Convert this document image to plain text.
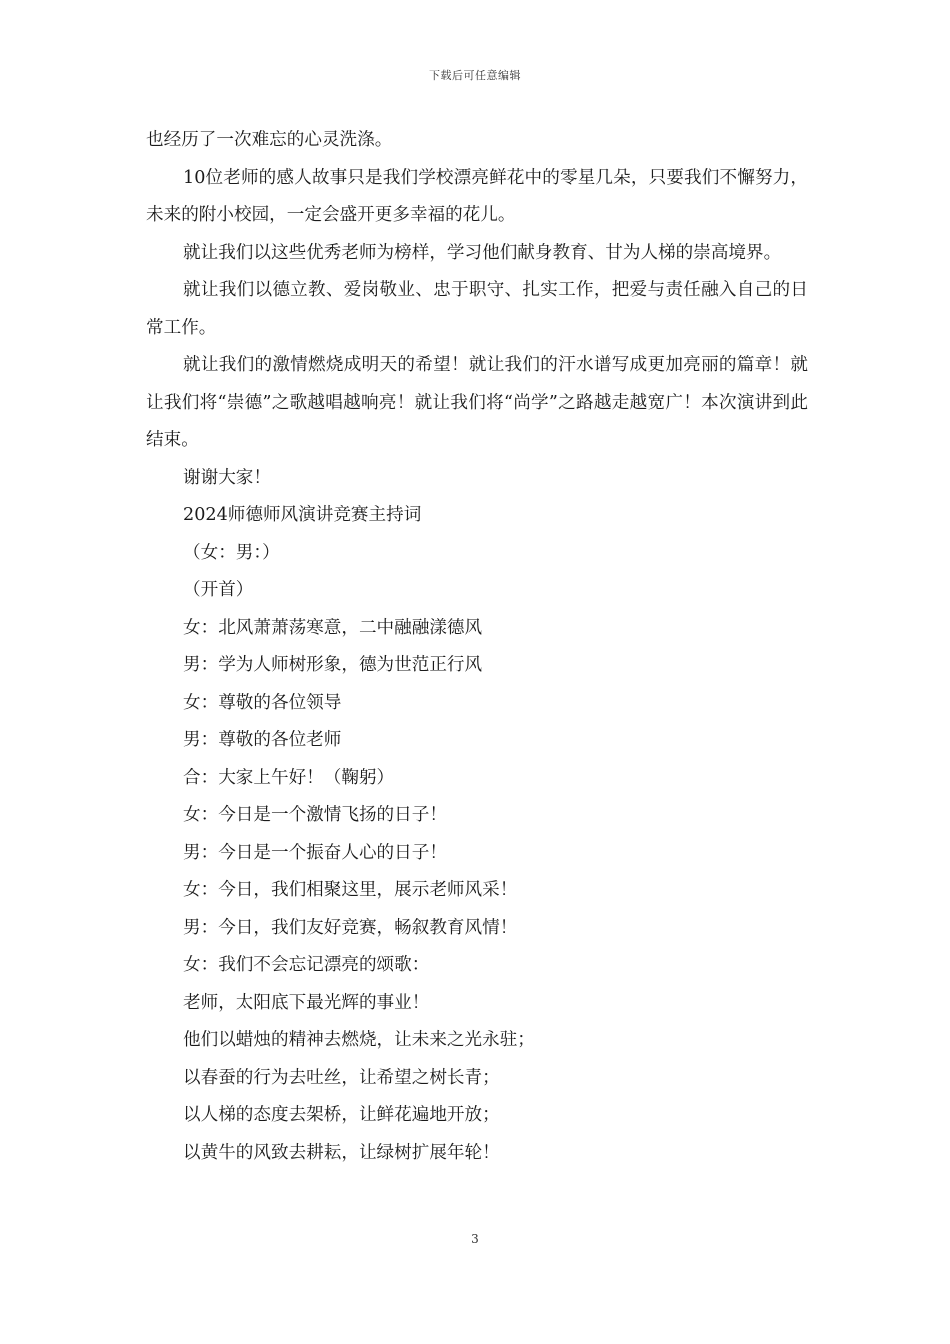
下载后可任意编辑

也经历了一次难忘的心灵洗涤。

10位老师的感人故事只是我们学校漂亮鲜花中的零星几朵，只要我们不懈努力，未来的附小校园，一定会盛开更多幸福的花儿。

就让我们以这些优秀老师为榜样，学习他们献身教育、甘为人梯的崇高境界。

就让我们以德立教、爱岗敬业、忠于职守、扎实工作，把爱与责任融入自己的日常工作。

就让我们的激情燃烧成明天的希望！就让我们的汗水谱写成更加亮丽的篇章！就让我们将“崇德”之歌越唱越响亮！就让我们将“尚学”之路越走越宽广！本次演讲到此结束。

谢谢大家！

2024师德师风演讲竞赛主持词

（女：男：）

（开首）

女：北风萧萧荡寒意，二中融融漾德风

男：学为人师树形象，德为世范正行风

女：尊敬的各位领导

男：尊敬的各位老师

合：大家上午好！（鞠躬）

女：今日是一个激情飞扬的日子！

男：今日是一个振奋人心的日子！

女：今日，我们相聚这里，展示老师风采！

男：今日，我们友好竞赛，畅叙教育风情！

女：我们不会忘记漂亮的颂歌：

老师，太阳底下最光辉的事业！

他们以蜡烛的精神去燃烧，让未来之光永驻；

以春蚕的行为去吐丝，让希望之树长青；

以人梯的态度去架桥，让鲜花遍地开放；

以黄牛的风致去耕耘，让绿树扩展年轮！

3
